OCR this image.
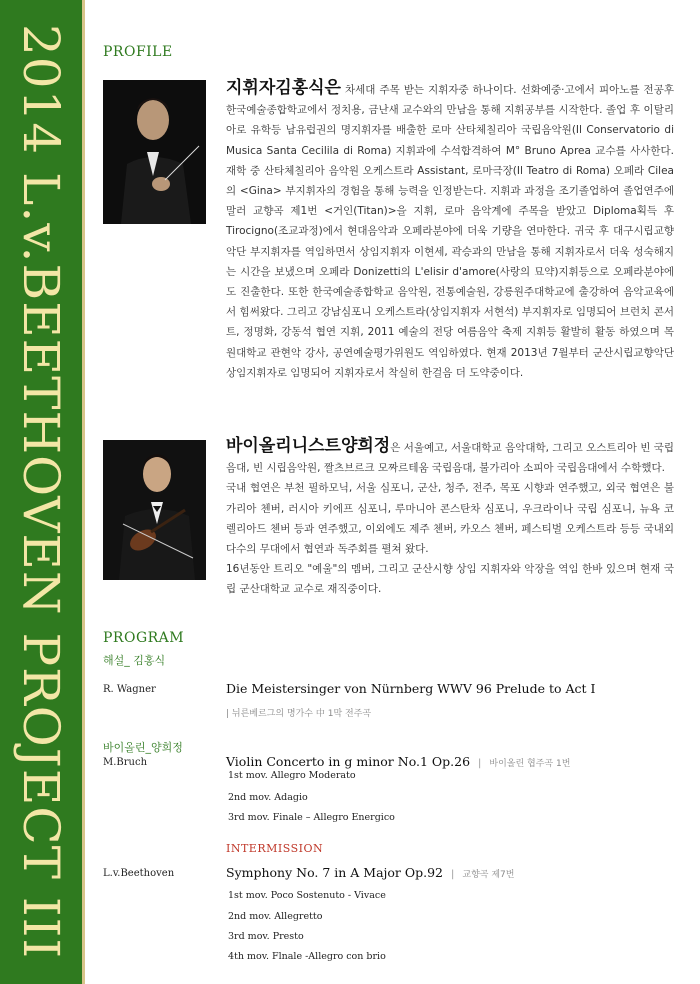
2014 L.v.BEETHOVEN PROJECT III	PROFILE
지휘자김홍식은 차세대 주목 받는 지휘자중 하나이다. 선화예중·고에서 피아노를 전공후 한국예술종합학교에서 정치용, 금난새 교수와의 만남을 통해 지휘공부를 시작한다. 졸업 후 이탈리아로 유학등 남유럽권의 명지휘자를 배출한 로마 산타체칠리아 국립음악원(Il Conservatorio di Musica Santa Cecilila di Roma) 지휘과에 수석합격하여 M° Bruno Aprea 교수를 사사한다. 재학 중 산타체칠리아 음악원 오케스트라 Assistant, 로마극장(Il Teatro di Roma) 오페라 Cilea의 <Gina> 부지휘자의 경험을 통해 능력을 인정받는다. 지휘과 과정을 조기졸업하여 졸업연주에 말러 교향곡 제1번 <거인(Titan)>을 지휘, 로마 음악계에 주목을 받았고 Diploma획득 후 Tirocigno(조교과정)에서 현대음악과 오페라분야에 더욱 기량을 연마한다. 귀국 후 대구시립교향악단 부지휘자를 역임하면서 상임지휘자 이현세, 곽승과의 만남을 통해 지휘자로서 더욱 성숙해지는 시간을 보냈으며 오페라 Donizetti의 L'elisir d'amore(사랑의 묘약)지휘등으로 오페라분야에도 진출한다. 또한 한국예술종합학교 음악원, 전통예술원, 강릉원주대학교에 출강하여 음악교육에서 힘써왔다. 그리고 강남심포니 오케스트라(상임지휘자 서현석) 부지휘자로 임명되어 브런치 콘서트, 정명화, 강동석 협연 지휘, 2011 예술의 전당 여름음악 축제 지휘등 활발히 활동 하였으며 목원대학교 관현악 강사, 공연예술평가위원도 역임하였다. 현재 2013년 7월부터 군산시립교향악단 상임지휘자로 임명되어 지휘자로서 착실히 한걸음 더 도약중이다.
바이올리니스트양희정은 서울예고, 서울대학교 음악대학, 그리고 오스트리아 빈 국립음대, 빈 시립음악원, 짤츠브르크 모짜르테움 국립음대, 불가리아 소피아 국립음대에서 수학했다.
국내 협연은 부천 필하모닉, 서울 심포니, 군산, 청주, 전주, 목포 시향과 연주했고, 외국 협연은 불가리아 첸버, 러시아 키에프 심포니, 루마니아 콘스탄차 심포니, 우크라이나 국립 심포니, 뉴욕 코렐리아드 첸버 등과 연주했고, 이외에도 제주 첸버, 카오스 첸버, 페스티벌 오케스트라 등등 국내외 다수의 무대에서 협연과 독주회를 펼쳐 왔다.
16년동안 트리오 "예울"의 멤버, 그리고 군산시향 상임 지휘자와 악장을 역임 한바 있으며 현재 국립 군산대학교 교수로 재직중이다.
PROGRAM
해설_ 김홍식
R. Wagner	Die Meistersinger von Nürnberg WWV 96 Prelude to Act I
| 뉘른베르그의 명가수 中 1막 전주곡
바이올린_양희정
M.Bruch	Violin Concerto in g minor No.1 Op.26 | 바이올린 협주곡 1번
1st mov. Allegro Moderato
2nd mov. Adagio
3rd mov. Finale – Allegro Energico
INTERMISSION
L.v.Beethoven	Symphony No. 7 in A Major Op.92 | 교향곡 제7번
1st mov. Poco Sostenuto - Vivace
2nd mov. Allegretto
3rd mov. Presto
4th mov. Flnale -Allegro con brio
